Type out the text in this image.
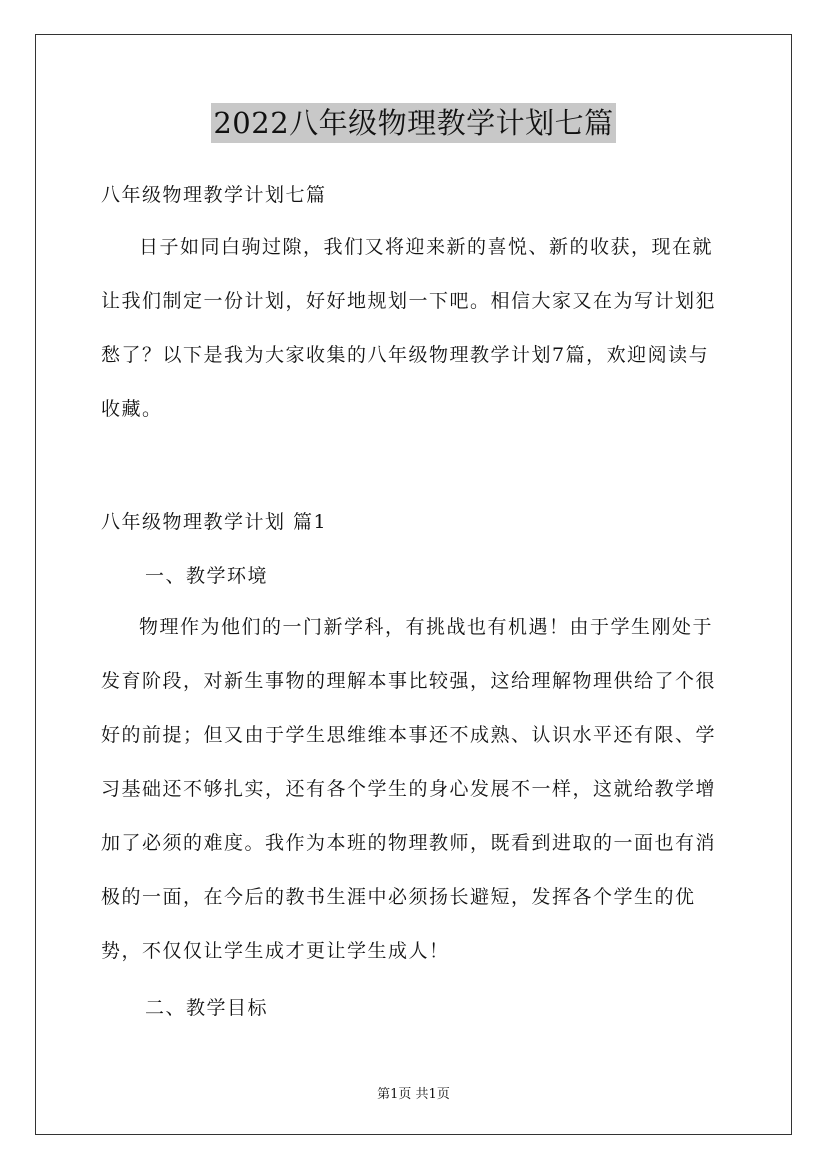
2022八年级物理教学计划七篇
八年级物理教学计划七篇

日子如同白驹过隙，我们又将迎来新的喜悦、新的收获，现在就让我们制定一份计划，好好地规划一下吧。相信大家又在为写计划犯愁了？以下是我为大家收集的八年级物理教学计划7篇，欢迎阅读与收藏。

八年级物理教学计划 篇1
一、教学环境

物理作为他们的一门新学科，有挑战也有机遇！由于学生刚处于发育阶段，对新生事物的理解本事比较强，这给理解物理供给了个很好的前提；但又由于学生思维维本事还不成熟、认识水平还有限、学习基础还不够扎实，还有各个学生的身心发展不一样，这就给教学增加了必须的难度。我作为本班的物理教师，既看到进取的一面也有消极的一面，在今后的教书生涯中必须扬长避短，发挥各个学生的优势，不仅仅让学生成才更让学生成人！

二、教学目标
第1页 共1页
